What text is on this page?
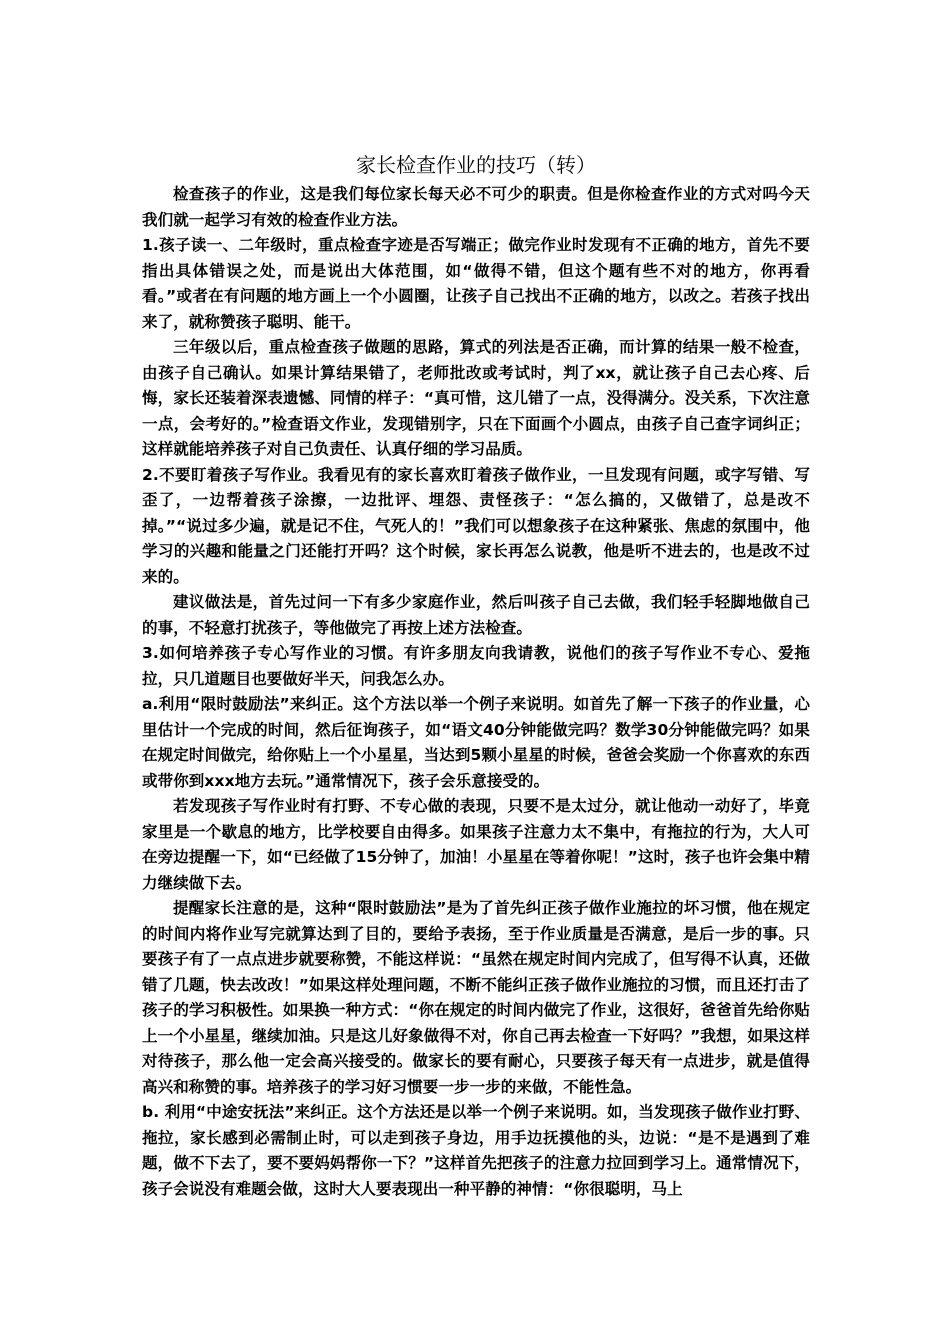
家长检查作业的技巧（转）

检查孩子的作业，这是我们每位家长每天必不可少的职责。但是你检查作业的方式对吗今天我们就一起学习有效的检查作业方法。

1.孩子读一、二年级时，重点检查字迹是否写端正；做完作业时发现有不正确的地方，首先不要指出具体错误之处，而是说出大体范围，如“做得不错，但这个题有些不对的地方，你再看看。”或者在有问题的地方画上一个小圆圈，让孩子自己找出不正确的地方，以改之。若孩子找出来了，就称赞孩子聪明、能干。

三年级以后，重点检查孩子做题的思路，算式的列法是否正确，而计算的结果一般不检查，由孩子自己确认。如果计算结果错了，老师批改或考试时，判了xx，就让孩子自己去心疼、后悔，家长还装着深表遗憾、同情的样子：“真可惜，这儿错了一点，没得满分。没关系，下次注意一点，会考好的。”检查语文作业，发现错别字，只在下面画个小圆点，由孩子自己查字词纠正；这样就能培养孩子对自己负责任、认真仔细的学习品质。

2.不要盯着孩子写作业。我看见有的家长喜欢盯着孩子做作业，一旦发现有问题，或字写错、写歪了，一边帮着孩子涂擦，一边批评、埋怨、责怪孩子：“怎么搞的，又做错了，总是改不掉。”“说过多少遍，就是记不住，气死人的！”我们可以想象孩子在这种紧张、焦虑的氛围中，他学习的兴趣和能量之门还能打开吗？这个时候，家长再怎么说教，他是听不进去的，也是改不过来的。

建议做法是，首先过问一下有多少家庭作业，然后叫孩子自己去做，我们轻手轻脚地做自己的事，不轻意打扰孩子，等他做完了再按上述方法检查。

3.如何培养孩子专心写作业的习惯。有许多朋友向我请教，说他们的孩子写作业不专心、爱拖拉，只几道题目也要做好半天，问我怎么办。

a.利用“限时鼓励法”来纠正。这个方法以举一个例子来说明。如首先了解一下孩子的作业量，心里估计一个完成的时间，然后征询孩子，如“语文40分钟能做完吗？数学30分钟能做完吗？如果在规定时间做完，给你贴上一个小星星，当达到5颗小星星的时候，爸爸会奖励一个你喜欢的东西或带你到xxx地方去玩。”通常情况下，孩子会乐意接受的。

若发现孩子写作业时有打野、不专心做的表现，只要不是太过分，就让他动一动好了，毕竟家里是一个歇息的地方，比学校要自由得多。如果孩子注意力太不集中，有拖拉的行为，大人可在旁边提醒一下，如“已经做了15分钟了，加油！小星星在等着你呢！”这时，孩子也许会集中精力继续做下去。

提醒家长注意的是，这种“限时鼓励法”是为了首先纠正孩子做作业施拉的坏习惯，他在规定的时间内将作业写完就算达到了目的，要给予表扬，至于作业质量是否满意，是后一步的事。只要孩子有了一点点进步就要称赞，不能这样说：“虽然在规定时间内完成了，但写得不认真，还做错了几题，快去改改！”如果这样处理问题，不断不能纠正孩子做作业施拉的习惯，而且还打击了孩子的学习积极性。如果换一种方式：“你在规定的时间内做完了作业，这很好，爸爸首先给你贴上一个小星星，继续加油。只是这儿好象做得不对，你自己再去检查一下好吗？”我想，如果这样对待孩子，那么他一定会高兴接受的。做家长的要有耐心，只要孩子每天有一点进步，就是值得高兴和称赞的事。培养孩子的学习好习惯要一步一步的来做，不能性急。

b. 利用“中途安抚法”来纠正。这个方法还是以举一个例子来说明。如，当发现孩子做作业打野、拖拉，家长感到必需制止时，可以走到孩子身边，用手边抚摸他的头，边说：“是不是遇到了难题，做不下去了，要不要妈妈帮你一下？”这样首先把孩子的注意力拉回到学习上。通常情况下，孩子会说没有难题会做，这时大人要表现出一种平静的神情：“你很聪明，马上
